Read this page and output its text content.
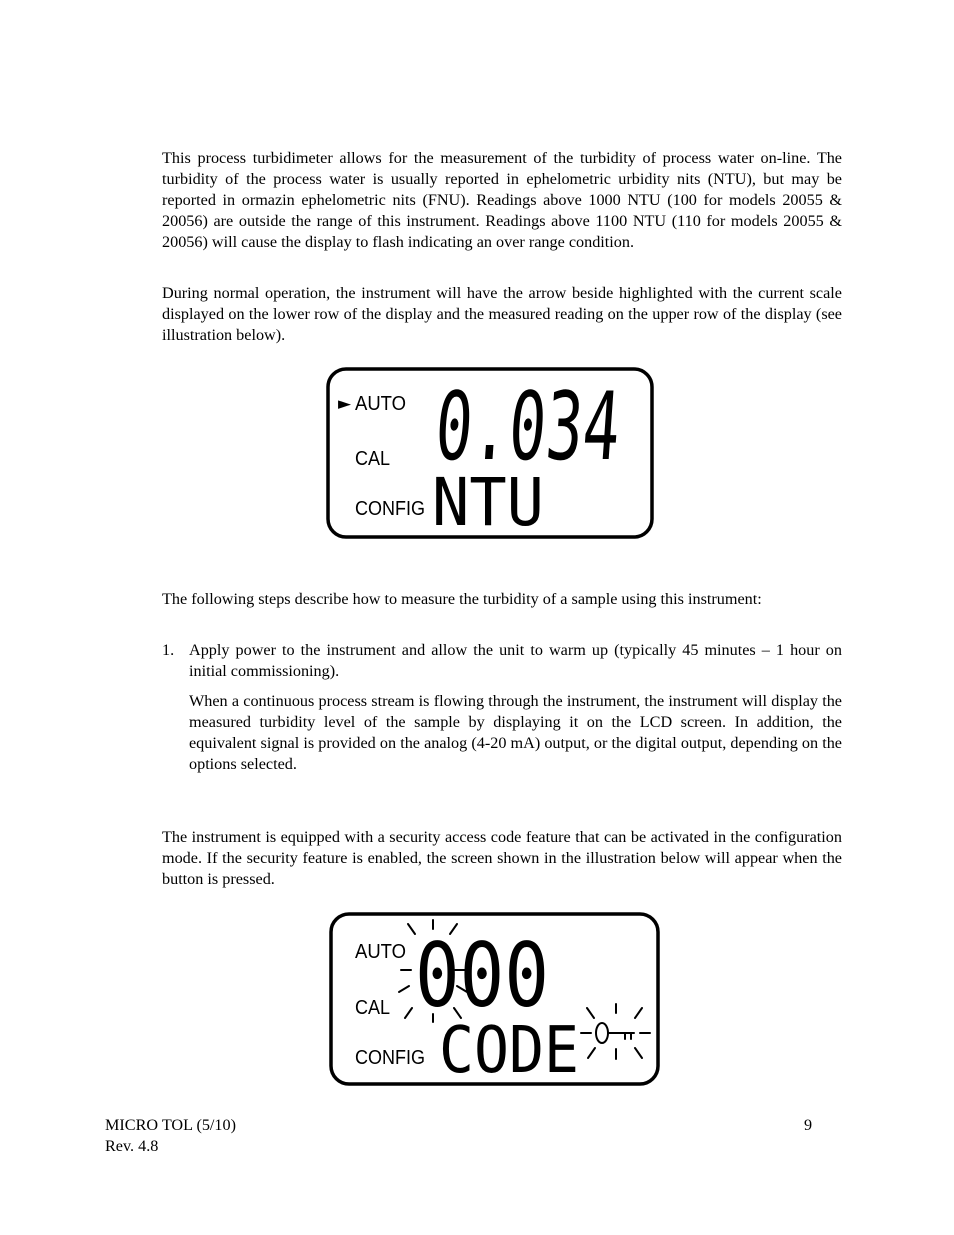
This process turbidimeter allows for the measurement of the turbidity of process water on-line. The turbidity of the process water is usually reported in ephelometric urbidity nits (NTU), but may be reported in ormazin ephelometric nits (FNU). Readings above 1000 NTU (100 for models 20055 & 20056) are outside the range of this instrument. Readings above 1100 NTU (110 for models 20055 & 20056) will cause the display to flash indicating an over range condition.

During normal operation, the instrument will have the arrow beside highlighted with the current scale displayed on the lower row of the display and the measured reading on the upper row of the display (see illustration below).

► AUTO
CAL
CONFIG
0.034
NTU

The following steps describe how to measure the turbidity of a sample using this instrument:

1. Apply power to the instrument and allow the unit to warm up (typically 45 minutes – 1 hour on initial commissioning).

When a continuous process stream is flowing through the instrument, the instrument will display the measured turbidity level of the sample by displaying it on the LCD screen. In addition, the equivalent signal is provided on the analog (4-20 mA) output, or the digital output, depending on the options selected.

The instrument is equipped with a security access code feature that can be activated in the configuration mode. If the security feature is enabled, the screen shown in the illustration below will appear when the button is pressed.

AUTO
CAL
CONFIG
000
CODE
MICRO TOL (5/10)
Rev. 4.8
9
